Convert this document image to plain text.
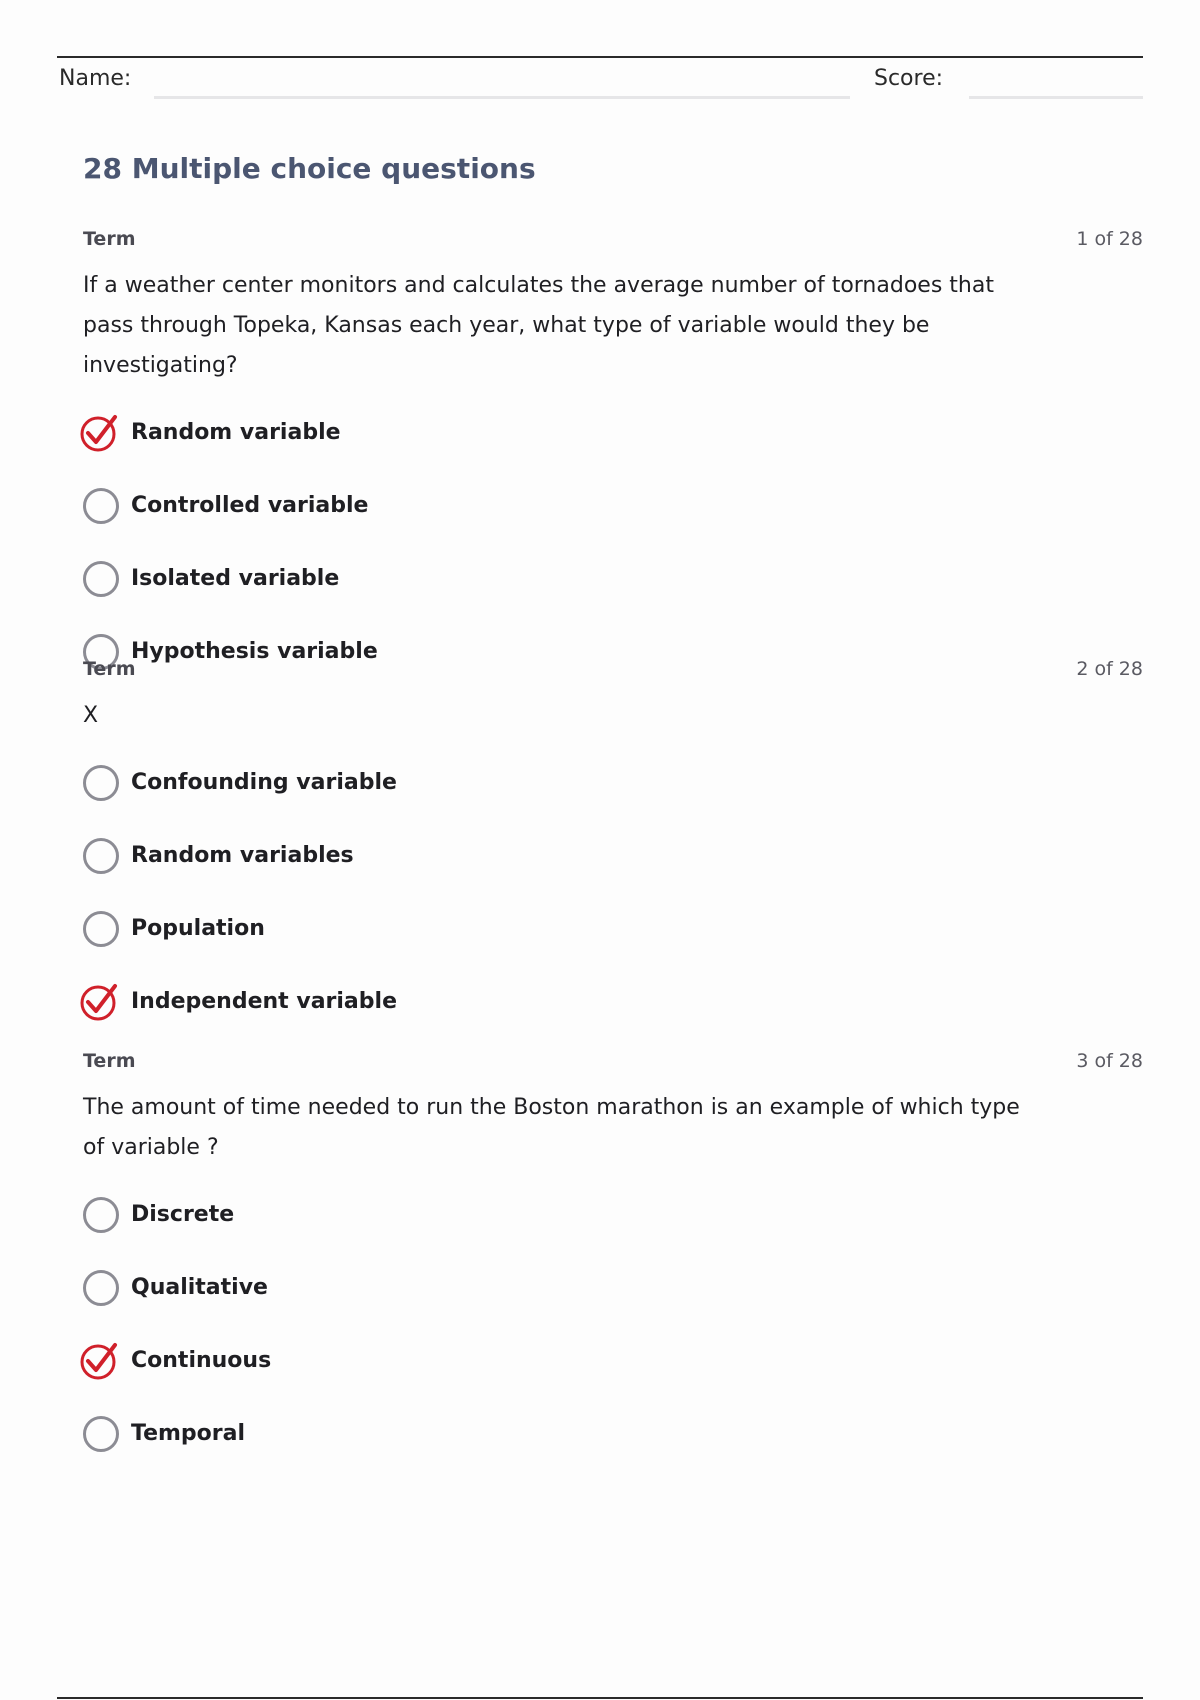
Name:	Score:
28 Multiple choice questions
Term	1 of 28
If a weather center monitors and calculates the average number of tornadoes that pass through Topeka, Kansas each year, what type of variable would they be investigating?
Random variable
Controlled variable
Isolated variable
Hypothesis variable
Term	2 of 28
X
Confounding variable
Random variables
Population
Independent variable
Term	3 of 28
The amount of time needed to run the Boston marathon is an example of which type of variable ?
Discrete
Qualitative
Continuous
Temporal
